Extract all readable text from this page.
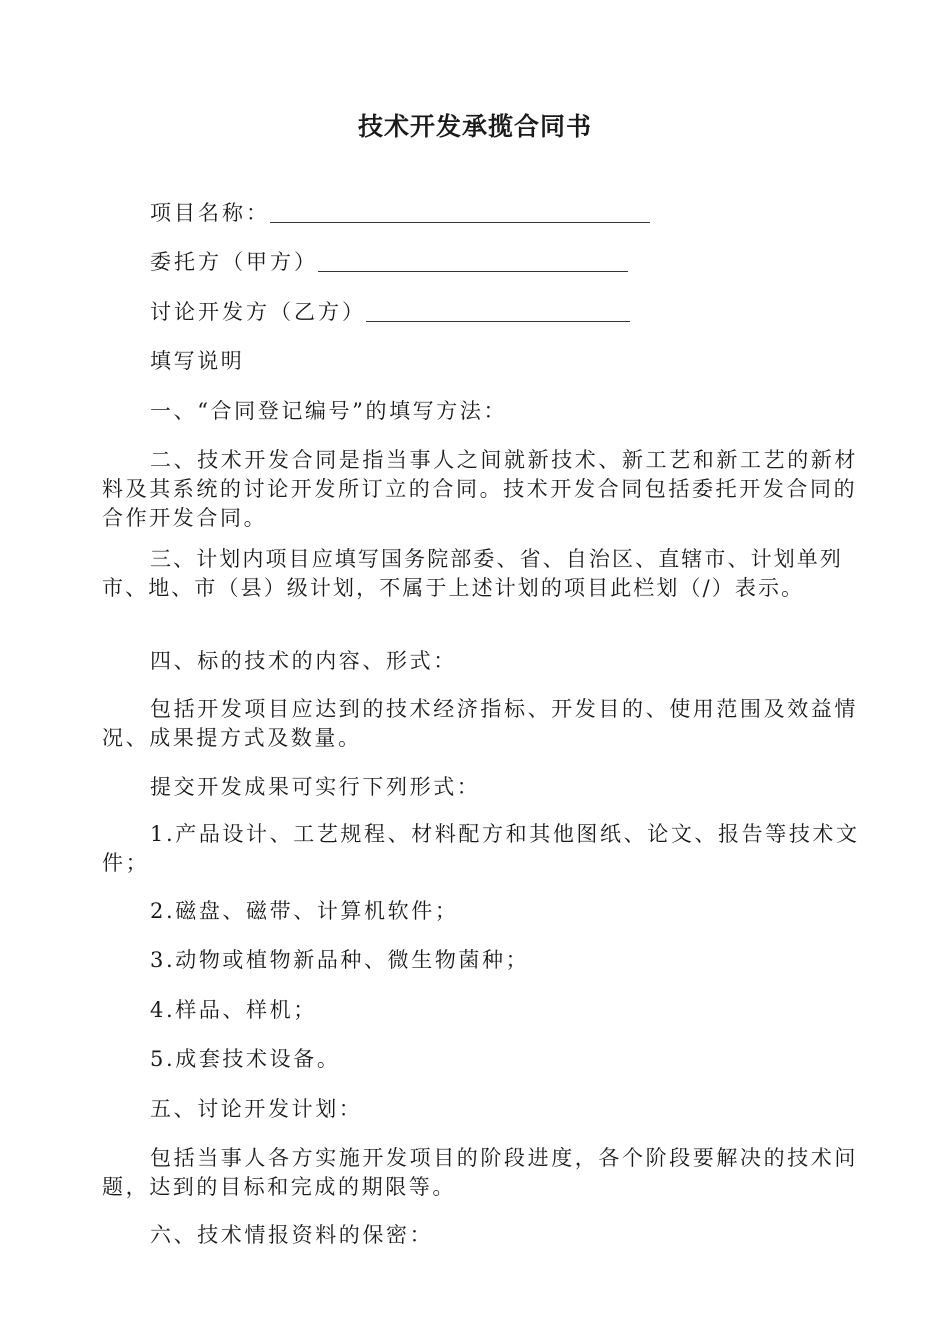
技术开发承揽合同书
项目名称：
委托方（甲方）
讨论开发方（乙方）
填写说明
一、“合同登记编号”的填写方法：
二、技术开发合同是指当事人之间就新技术、新工艺和新工艺的新材料及其系统的讨论开发所订立的合同。技术开发合同包括委托开发合同的合作开发合同。
三、计划内项目应填写国务院部委、省、自治区、直辖市、计划单列市、地、市（县）级计划，不属于上述计划的项目此栏划（/）表示。
四、标的技术的内容、形式：
包括开发项目应达到的技术经济指标、开发目的、使用范围及效益情况、成果提方式及数量。
提交开发成果可实行下列形式：
1.产品设计、工艺规程、材料配方和其他图纸、论文、报告等技术文件；
2.磁盘、磁带、计算机软件；
3.动物或植物新品种、微生物菌种；
4.样品、样机；
5.成套技术设备。
五、讨论开发计划：
包括当事人各方实施开发项目的阶段进度，各个阶段要解决的技术问题，达到的目标和完成的期限等。
六、技术情报资料的保密：
